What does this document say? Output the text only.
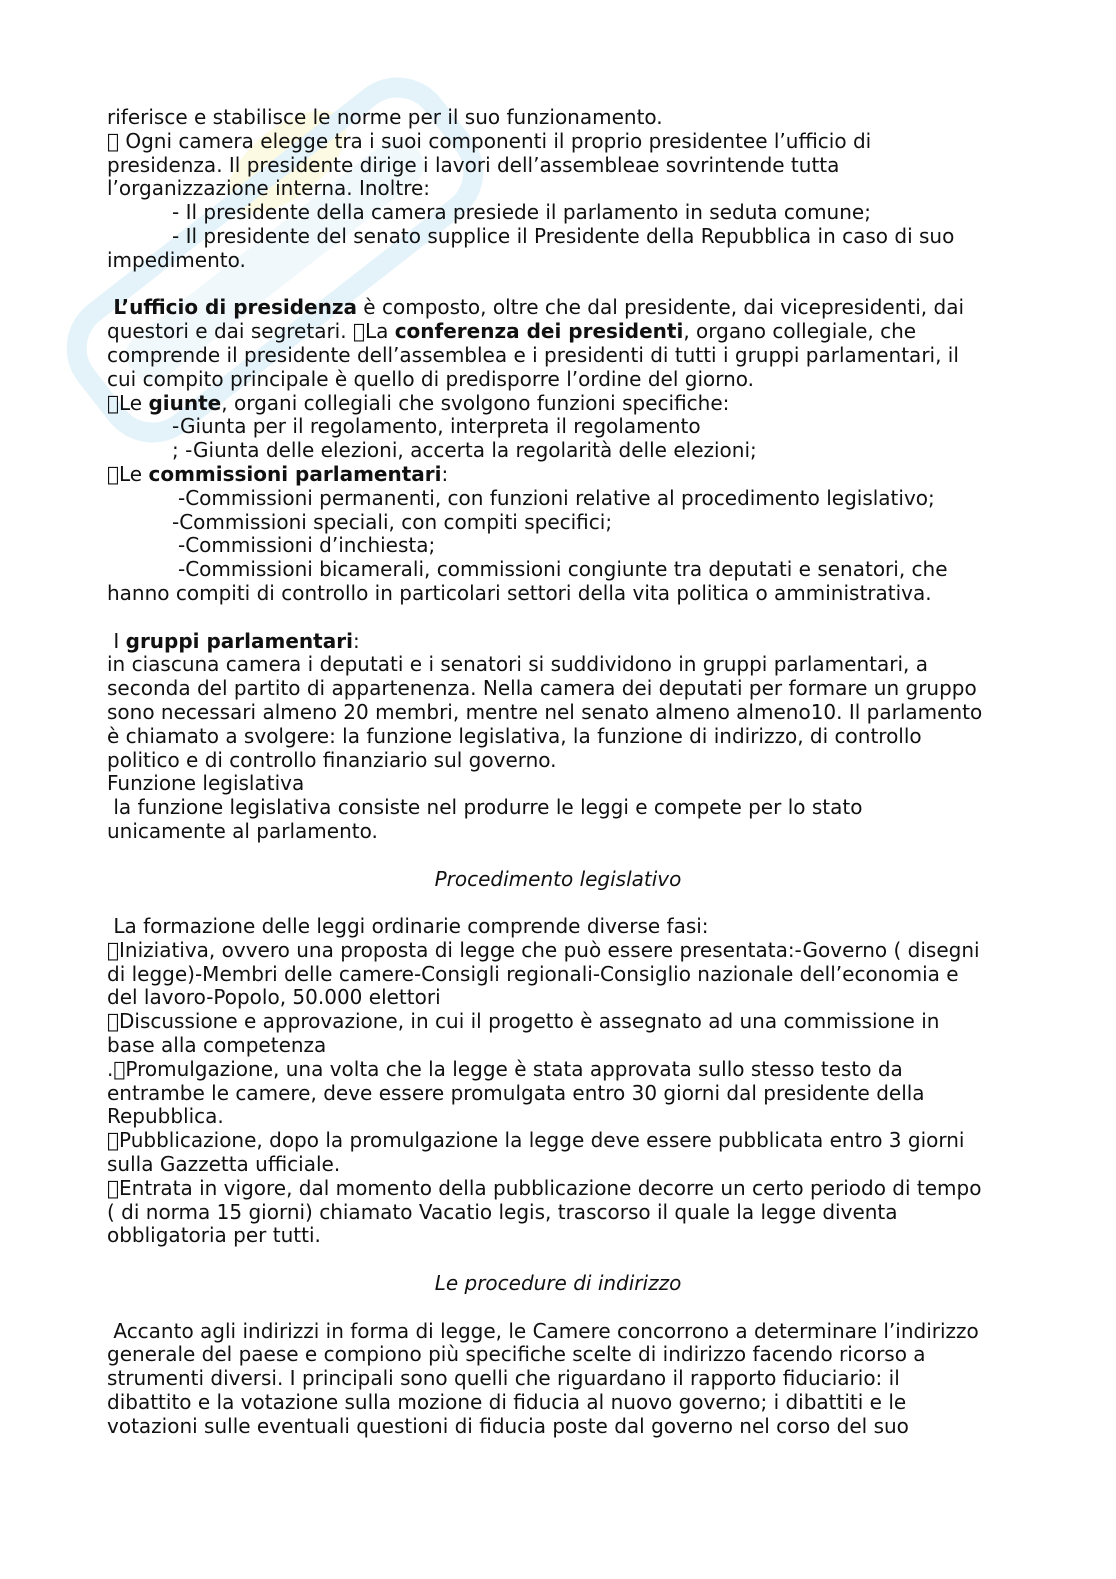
riferisce e stabilisce le norme per il suo funzionamento.
Ogni camera elegge tra i suoi componenti il proprio presidentee l’ufficio di
presidenza. Il presidente dirige i lavori dell’assembleae sovrintende tutta
l’organizzazione interna. Inoltre:
- Il presidente della camera presiede il parlamento in seduta comune;
- Il presidente del senato supplice il Presidente della Repubblica in caso di suo
impedimento.
L’ufficio di presidenza è composto, oltre che dal presidente, dai vicepresidenti, dai
questori e dai segretari.  La conferenza dei presidenti, organo collegiale, che
comprende il presidente dell’assemblea e i presidenti di tutti i gruppi parlamentari, il
cui compito principale è quello di predisporre l’ordine del giorno.
Le giunte, organi collegiali che svolgono funzioni specifiche:
-Giunta per il regolamento, interpreta il regolamento
; -Giunta delle elezioni, accerta la regolarità delle elezioni;
Le commissioni parlamentari:
-Commissioni permanenti, con funzioni relative al procedimento legislativo;
-Commissioni speciali, con compiti specifici;
-Commissioni d’inchiesta;
-Commissioni bicamerali, commissioni congiunte tra deputati e senatori, che
hanno compiti di controllo in particolari settori della vita politica o amministrativa.
I gruppi parlamentari:
in ciascuna camera i deputati e i senatori si suddividono in gruppi parlamentari, a
seconda del partito di appartenenza. Nella camera dei deputati per formare un gruppo
sono necessari almeno 20 membri, mentre nel senato almeno almeno10. Il parlamento
è chiamato a svolgere: la funzione legislativa, la funzione di indirizzo, di controllo
politico e di controllo finanziario sul governo.
Funzione legislativa
la funzione legislativa consiste nel produrre le leggi e compete per lo stato
unicamente al parlamento.
Procedimento legislativo
La formazione delle leggi ordinarie comprende diverse fasi:
Iniziativa, ovvero una proposta di legge che può essere presentata:-Governo ( disegni
di legge)-Membri delle camere-Consigli regionali-Consiglio nazionale dell’economia e
del lavoro-Popolo, 50.000 elettori
Discussione e approvazione, in cui il progetto è assegnato ad una commissione in
base alla competenza
. Promulgazione, una volta che la legge è stata approvata sullo stesso testo da
entrambe le camere, deve essere promulgata entro 30 giorni dal presidente della
Repubblica.
Pubblicazione, dopo la promulgazione la legge deve essere pubblicata entro 3 giorni
sulla Gazzetta ufficiale.
Entrata in vigore, dal momento della pubblicazione decorre un certo periodo di tempo
( di norma 15 giorni) chiamato Vacatio legis, trascorso il quale la legge diventa
obbligatoria per tutti.
Le procedure di indirizzo
Accanto agli indirizzi in forma di legge, le Camere concorrono a determinare l’indirizzo
generale del paese e compiono più specifiche scelte di indirizzo facendo ricorso a
strumenti diversi. I principali sono quelli che riguardano il rapporto fiduciario: il
dibattito e la votazione sulla mozione di fiducia al nuovo governo; i dibattiti e le
votazioni sulle eventuali questioni di fiducia poste dal governo nel corso del suo
